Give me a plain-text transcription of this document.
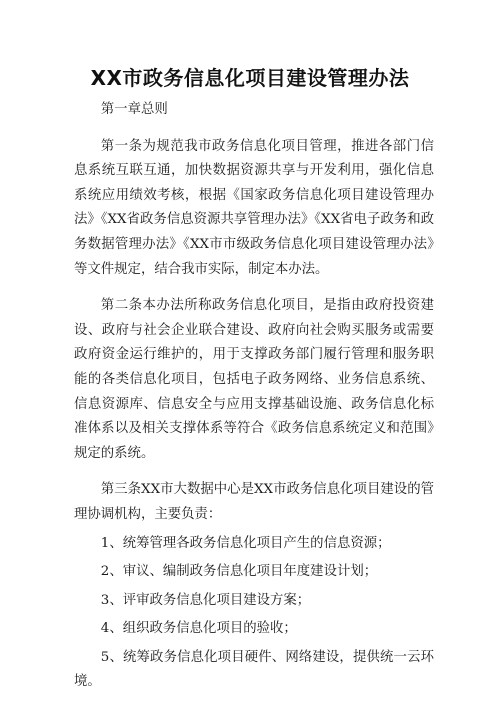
XX市政务信息化项目建设管理办法

第一章总则

第一条为规范我市政务信息化项目管理，推进各部门信息系统互联互通，加快数据资源共享与开发利用，强化信息系统应用绩效考核，根据《国家政务信息化项目建设管理办法》《XX省政务信息资源共享管理办法》《XX省电子政务和政务数据管理办法》《XX市市级政务信息化项目建设管理办法》等文件规定，结合我市实际，制定本办法。

第二条本办法所称政务信息化项目，是指由政府投资建设、政府与社会企业联合建设、政府向社会购买服务或需要政府资金运行维护的，用于支撑政务部门履行管理和服务职能的各类信息化项目，包括电子政务网络、业务信息系统、信息资源库、信息安全与应用支撑基础设施、政务信息化标准体系以及相关支撑体系等符合《政务信息系统定义和范围》规定的系统。

第三条XX市大数据中心是XX市政务信息化项目建设的管理协调机构，主要负责：

1、统筹管理各政务信息化项目产生的信息资源；

2、审议、编制政务信息化项目年度建设计划；

3、评审政务信息化项目建设方案；

4、组织政务信息化项目的验收；

5、统筹政务信息化项目硬件、网络建设，提供统一云环境。
